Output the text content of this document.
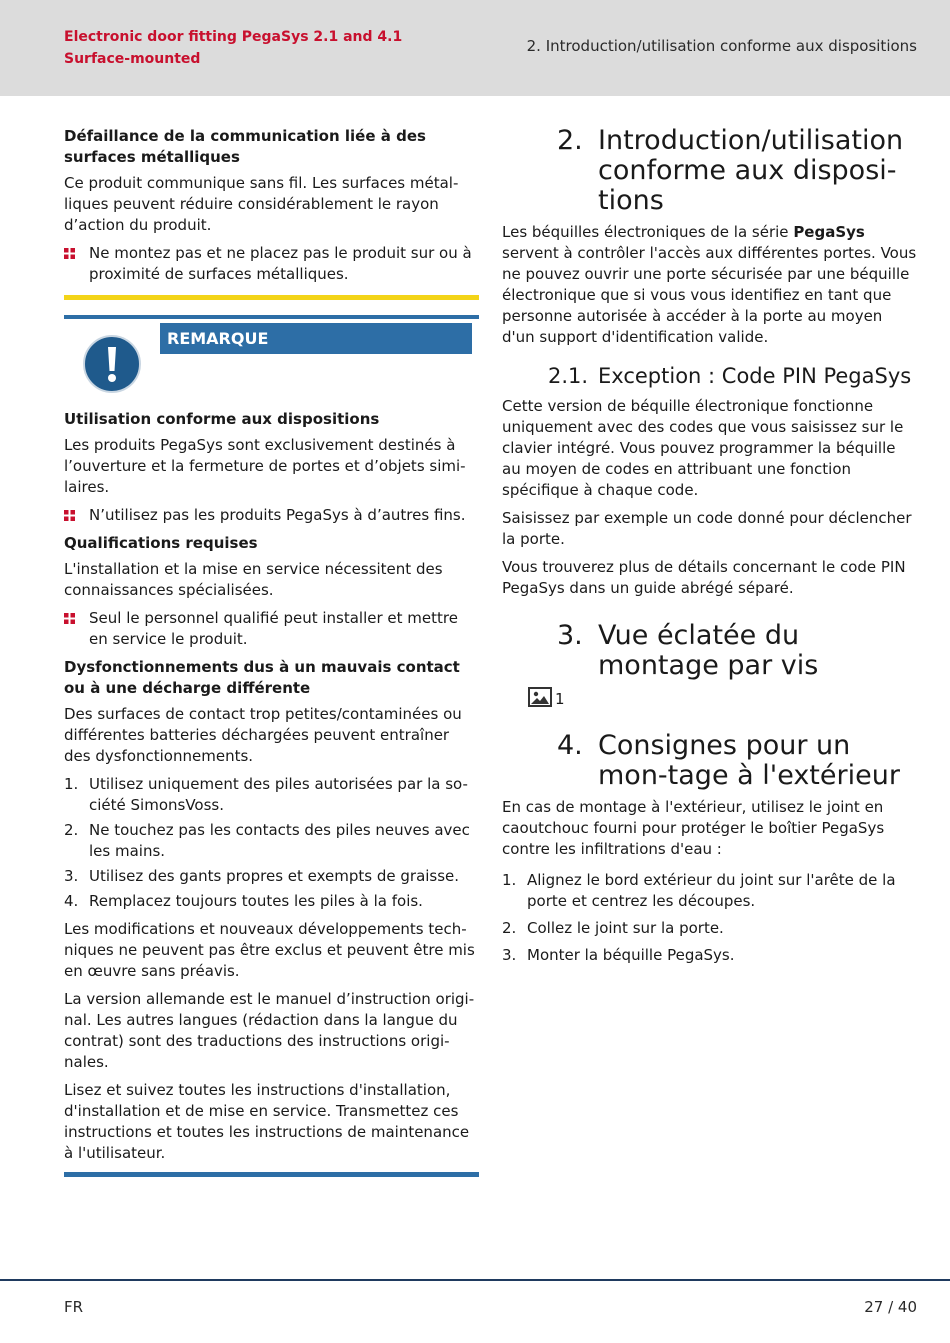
Electronic door fitting PegaSys 2.1 and 4.1 Surface-mounted
2. Introduction/utilisation conforme aux dispositions
Défaillance de la communication liée à des surfaces métalliques
Ce produit communique sans fil. Les surfaces métal-liques peuvent réduire considérablement le rayon d’action du produit.
Ne montez pas et ne placez pas le produit sur ou à proximité de surfaces métalliques.
REMARQUE
Utilisation conforme aux dispositions
Les produits PegaSys sont exclusivement destinés à l’ouverture et la fermeture de portes et d’objets simi-laires.
N’utilisez pas les produits PegaSys à d’autres fins.
Qualifications requises
L'installation et la mise en service nécessitent des connaissances spécialisées.
Seul le personnel qualifié peut installer et mettre en service le produit.
Dysfonctionnements dus à un mauvais contact ou à une décharge différente
Des surfaces de contact trop petites/contaminées ou différentes batteries déchargées peuvent entraîner des dysfonctionnements.
1. Utilisez uniquement des piles autorisées par la so-ciété SimonsVoss.
2. Ne touchez pas les contacts des piles neuves avec les mains.
3. Utilisez des gants propres et exempts de graisse.
4. Remplacez toujours toutes les piles à la fois.
Les modifications et nouveaux développements tech-niques ne peuvent pas être exclus et peuvent être mis en œuvre sans préavis.
La version allemande est le manuel d’instruction origi-nal. Les autres langues (rédaction dans la langue du contrat) sont des traductions des instructions origi-nales.
Lisez et suivez toutes les instructions d'installation, d'installation et de mise en service. Transmettez ces instructions et toutes les instructions de maintenance à l'utilisateur.
2. Introduction/utilisation conforme aux disposi-tions
Les béquilles électroniques de la série PegaSys servent à contrôler l'accès aux différentes portes. Vous ne pouvez ouvrir une porte sécurisée par une béquille électronique que si vous vous identifiez en tant que personne autorisée à accéder à la porte au moyen d'un support d'identification valide.
2.1. Exception : Code PIN PegaSys
Cette version de béquille électronique fonctionne uniquement avec des codes que vous saisissez sur le clavier intégré. Vous pouvez programmer la béquille au moyen de codes en attribuant une fonction spécifique à chaque code.
Saisissez par exemple un code donné pour déclencher la porte.
Vous trouverez plus de détails concernant le code PIN PegaSys dans un guide abrégé séparé.
3. Vue éclatée du montage par vis
1
4. Consignes pour un mon-tage à l'extérieur
En cas de montage à l'extérieur, utilisez le joint en caoutchouc fourni pour protéger le boîtier PegaSys contre les infiltrations d'eau :
1. Alignez le bord extérieur du joint sur l'arête de la porte et centrez les découpes.
2. Collez le joint sur la porte.
3. Monter la béquille PegaSys.
FR	27 / 40
